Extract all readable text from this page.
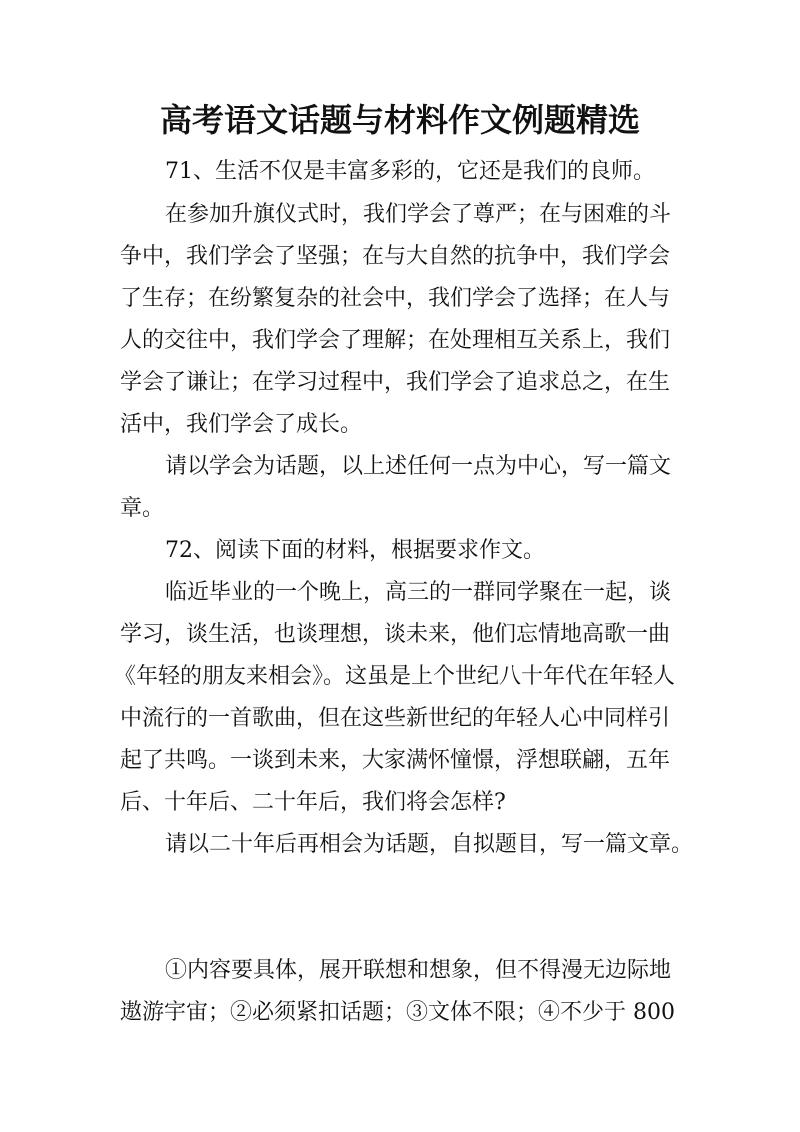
高考语文话题与材料作文例题精选
71、生活不仅是丰富多彩的，它还是我们的良师。
在参加升旗仪式时，我们学会了尊严；在与困难的斗
争中，我们学会了坚强；在与大自然的抗争中，我们学会
了生存；在纷繁复杂的社会中，我们学会了选择；在人与
人的交往中，我们学会了理解；在处理相互关系上，我们
学会了谦让；在学习过程中，我们学会了追求总之，在生
活中，我们学会了成长。
请以学会为话题，以上述任何一点为中心，写一篇文
章。
72、阅读下面的材料，根据要求作文。
临近毕业的一个晚上，高三的一群同学聚在一起，谈
学习，谈生活，也谈理想，谈未来，他们忘情地高歌一曲
《年轻的朋友来相会》。这虽是上个世纪八十年代在年轻人
中流行的一首歌曲，但在这些新世纪的年轻人心中同样引
起了共鸣。一谈到未来，大家满怀憧憬，浮想联翩，五年
后、十年后、二十年后，我们将会怎样?
请以二十年后再相会为话题，自拟题目，写一篇文章。
①内容要具体，展开联想和想象，但不得漫无边际地
遨游宇宙；②必须紧扣话题；③文体不限；④不少于 800
